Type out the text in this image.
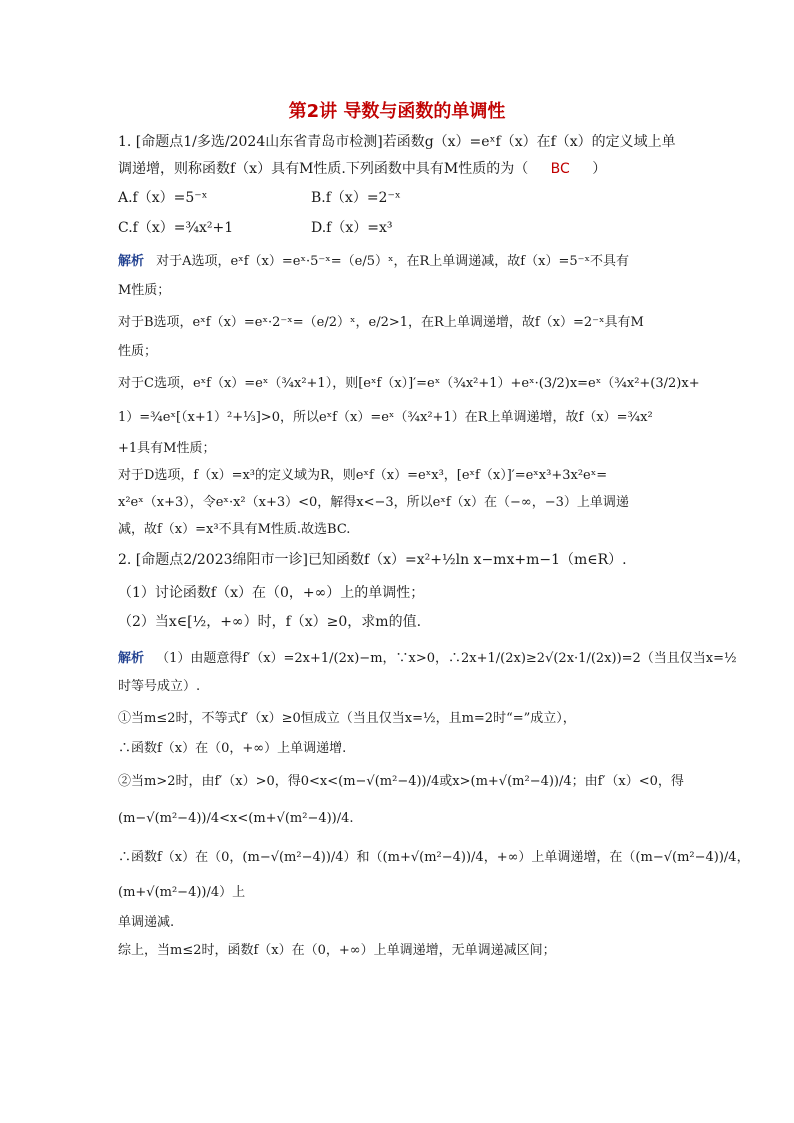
第2讲 导数与函数的单调性
1. [命题点1/多选/2024山东省青岛市检测]若函数g（x）=eˣf（x）在f（x）的定义域上单
调递增，则称函数f（x）具有M性质.下列函数中具有M性质的为（ BC ）
A.f（x）=5⁻ˣ	B.f（x）=2⁻ˣ
C.f（x）=¾x²+1	D.f（x）=x³
解析 对于A选项，eˣf（x）=eˣ·5⁻ˣ=（e/5）ˣ，在R上单调递减，故f（x）=5⁻ˣ不具有
M性质；
对于B选项，eˣf（x）=eˣ·2⁻ˣ=（e/2）ˣ，e/2>1，在R上单调递增，故f（x）=2⁻ˣ具有M
性质；
对于C选项，eˣf（x）=eˣ（¾x²+1），则[eˣf（x）]′=eˣ（¾x²+1）+eˣ·(3/2)x=eˣ（¾x²+(3/2)x+
1）=¾eˣ[（x+1）²+⅓]>0，所以eˣf（x）=eˣ（¾x²+1）在R上单调递增，故f（x）=¾x²
+1具有M性质；
对于D选项，f（x）=x³的定义域为R，则eˣf（x）=eˣx³，[eˣf（x）]′=eˣx³+3x²eˣ=
x²eˣ（x+3），令eˣ·x²（x+3）<0，解得x<−3，所以eˣf（x）在（−∞，−3）上单调递
减，故f（x）=x³不具有M性质.故选BC.
2. [命题点2/2023绵阳市一诊]已知函数f（x）=x²+½ln x−mx+m−1（m∈R）.
（1）讨论函数f（x）在（0，+∞）上的单调性；
（2）当x∈[½，+∞）时，f（x）≥0，求m的值.
解析 （1）由题意得f′（x）=2x+1/(2x)−m，∵x>0，∴2x+1/(2x)≥2√(2x·1/(2x))=2（当且仅当x=½
时等号成立）.
①当m≤2时，不等式f′（x）≥0恒成立（当且仅当x=½，且m=2时“=”成立），
∴函数f（x）在（0，+∞）上单调递增.
②当m>2时，由f′（x）>0，得0<x<(m−√(m²−4))/4或x>(m+√(m²−4))/4；由f′（x）<0，得
(m−√(m²−4))/4<x<(m+√(m²−4))/4.
∴函数f（x）在（0，(m−√(m²−4))/4）和（(m+√(m²−4))/4，+∞）上单调递增，在（(m−√(m²−4))/4，
(m+√(m²−4))/4）上
单调递减.
综上，当m≤2时，函数f（x）在（0，+∞）上单调递增，无单调递减区间；
